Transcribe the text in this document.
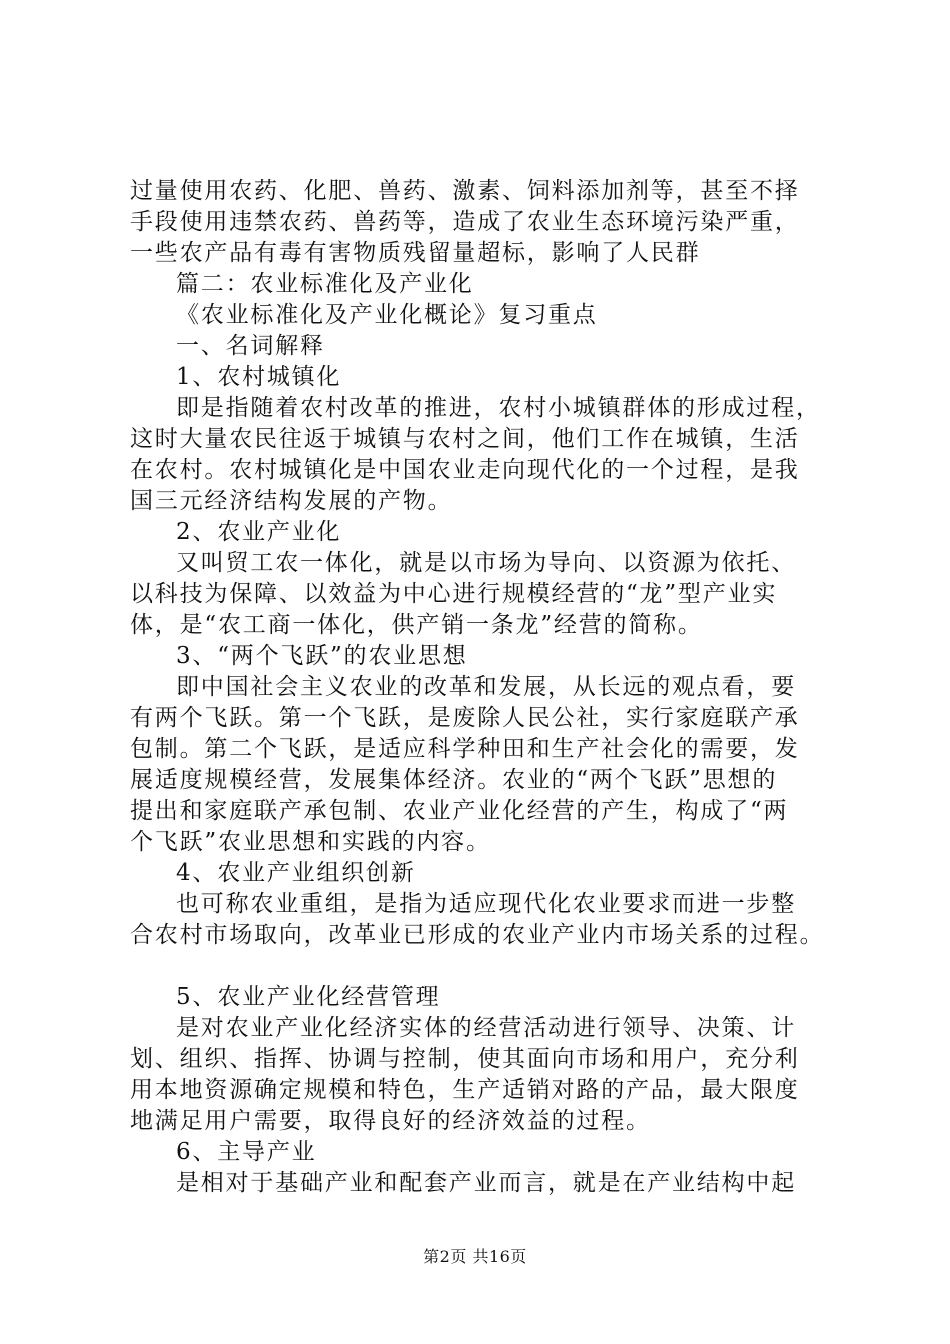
过量使用农药、化肥、兽药、激素、饲料添加剂等，甚至不择
手段使用违禁农药、兽药等，造成了农业生态环境污染严重，
一些农产品有毒有害物质残留量超标，影响了人民群
篇二：农业标准化及产业化
《农业标准化及产业化概论》复习重点
一、名词解释
1、农村城镇化
即是指随着农村改革的推进，农村小城镇群体的形成过程，
这时大量农民往返于城镇与农村之间，他们工作在城镇，生活
在农村。农村城镇化是中国农业走向现代化的一个过程，是我
国三元经济结构发展的产物。
2、农业产业化
又叫贸工农一体化，就是以市场为导向、以资源为依托、
以科技为保障、以效益为中心进行规模经营的“龙”型产业实
体，是“农工商一体化，供产销一条龙”经营的简称。
3、“两个飞跃”的农业思想
即中国社会主义农业的改革和发展，从长远的观点看，要
有两个飞跃。第一个飞跃，是废除人民公社，实行家庭联产承
包制。第二个飞跃，是适应科学种田和生产社会化的需要，发
展适度规模经营，发展集体经济。农业的“两个飞跃”思想的
提出和家庭联产承包制、农业产业化经营的产生，构成了“两
个飞跃”农业思想和实践的内容。
4、农业产业组织创新
也可称农业重组，是指为适应现代化农业要求而进一步整
合农村市场取向，改革业已形成的农业产业内市场关系的过程。
5、农业产业化经营管理
是对农业产业化经济实体的经营活动进行领导、决策、计
划、组织、指挥、协调与控制，使其面向市场和用户，充分利
用本地资源确定规模和特色，生产适销对路的产品，最大限度
地满足用户需要，取得良好的经济效益的过程。
6、主导产业
是相对于基础产业和配套产业而言，就是在产业结构中起
第2页 共16页
